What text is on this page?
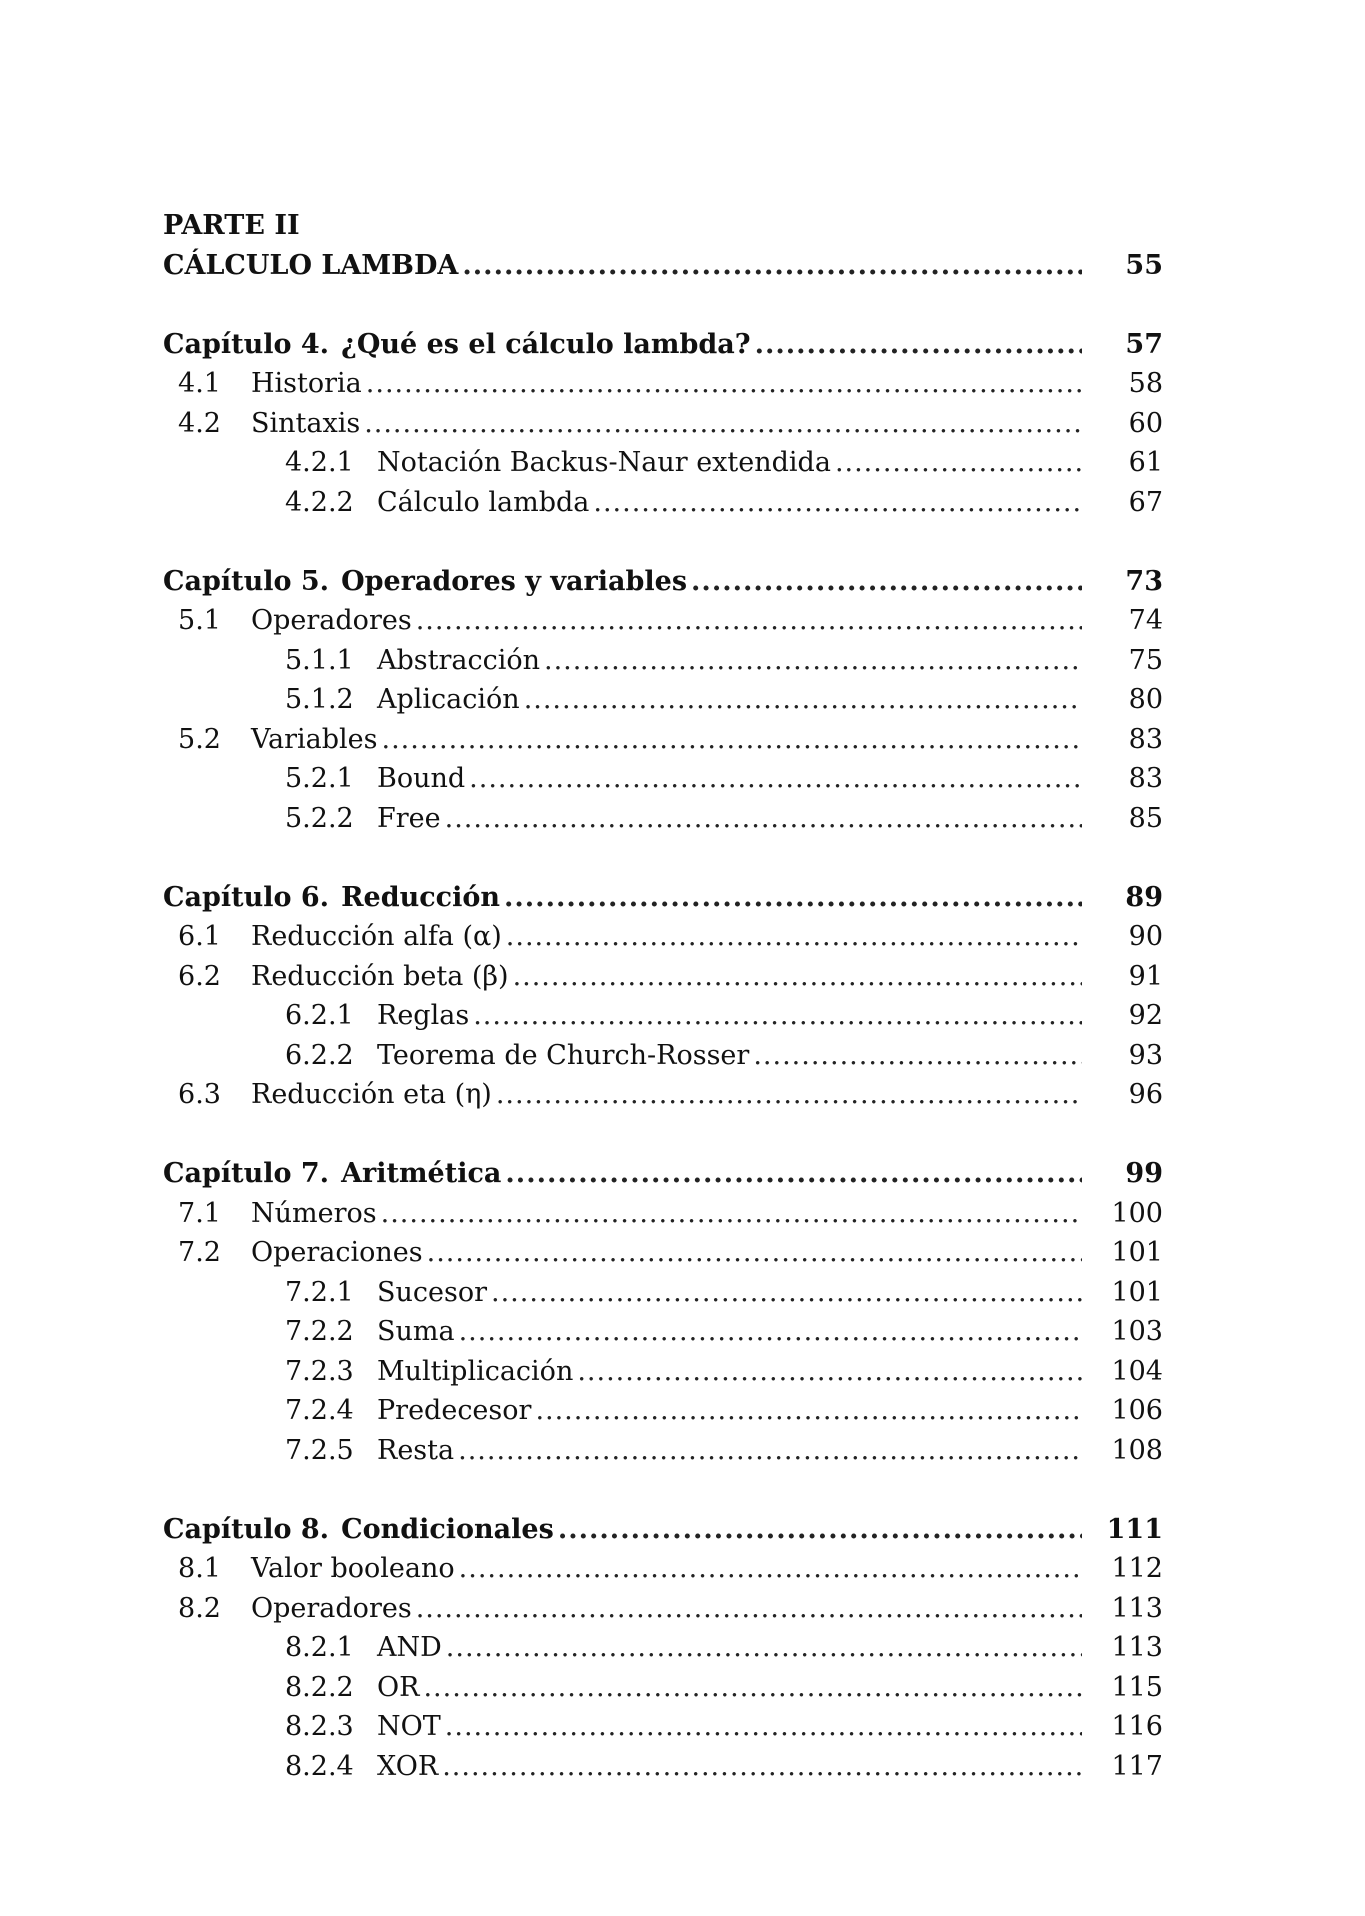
PARTE II
CÁLCULO LAMBDA .....	55
Capítulo 4. ¿Qué es el cálculo lambda? .....	57
4.1 Historia .....	58
4.2 Sintaxis .....	60
4.2.1 Notación Backus-Naur extendida .....	61
4.2.2 Cálculo lambda .....	67
Capítulo 5. Operadores y variables .....	73
5.1 Operadores .....	74
5.1.1 Abstracción .....	75
5.1.2 Aplicación .....	80
5.2 Variables .....	83
5.2.1 Bound .....	83
5.2.2 Free .....	85
Capítulo 6. Reducción .....	89
6.1 Reducción alfa (α) .....	90
6.2 Reducción beta (β) .....	91
6.2.1 Reglas .....	92
6.2.2 Teorema de Church-Rosser .....	93
6.3 Reducción eta (η) .....	96
Capítulo 7. Aritmética .....	99
7.1 Números .....	100
7.2 Operaciones .....	101
7.2.1 Sucesor .....	101
7.2.2 Suma .....	103
7.2.3 Multiplicación .....	104
7.2.4 Predecesor .....	106
7.2.5 Resta .....	108
Capítulo 8. Condicionales .....	111
8.1 Valor booleano .....	112
8.2 Operadores .....	113
8.2.1 AND .....	113
8.2.2 OR .....	115
8.2.3 NOT .....	116
8.2.4 XOR .....	117
